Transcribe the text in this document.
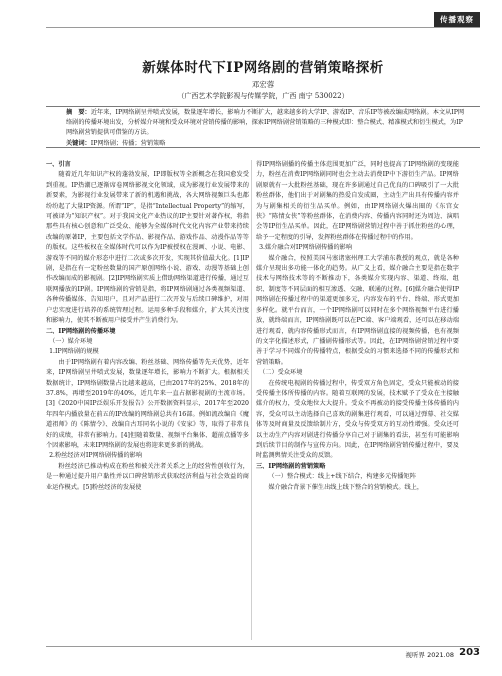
传播观察
新媒体时代下IP网络剧的营销策略探析
邓宏蓉
（广西艺术学院影视与传媒学院，广西 南宁 530022）
摘　要：近年来，IP网络剧呈井喷式发展，数量逐年增长，影响力不断扩大，越来越多的大学IP、游戏IP、音乐IP等被改编成网络剧。本文从IP网络剧的传播环境出发，分析媒介环境和受众环境对营销传播的影响，探索IP网络剧营销策略的三种模式即：整合模式、精准模式和衍生模式，为IP网络剧营销提供可借鉴的方法。
关键词：IP网络剧；传播；营销策略

一、引言

随着近几年知识产权的蓬勃发展，IP即版权等全新概念在我国愈发受到重视。IP热潮已逐渐席卷网络影视文化领域，成为影视行业发展带来的新要素，为影视行业发展带来了新的机遇和挑战，各大网络视频巨头也都纷纷起了大量IP资源。所谓“IP”，是指“Intellectual Property”的缩写，可被译为“知识产权”。对于我国文化产业热议的IP主要针对著作权，将指那些具有核心创意和广泛受众、能够为全媒体时代文化内容产业带来持续改编的原著IP，主要包括文学作品、影视作品、游戏作品、动漫作品等等的版权。这些板权在全媒体时代可以作为IP被授权在漫画、小说、电影、游戏等不同的媒介形态中进行二次或多次开发，实现其价值最大化。[1]IP剧，是指在有一定粉丝数量的国产原创网络小说、游戏、动漫等基础上创作改编而成的影视剧。[2]IP网络剧实质上借助网络渠道进行传播，通过互联网播放的IP剧。IP网络剧的营销是指，将IP网络剧通过各类视频渠道、各种传播媒体、告知用户，且对产品进行二次开发与后续口碑维护，对用户忠实度进行培养的系统管理过程。运用多种手段和媒介，扩大其关注度和影响力，使其不断被用户接受并产生消费行为。

二、IP网络剧的传播环境

（一）媒介环境

1.IP网络剧的规模

由于IP网络剧有着内容改编、粉丝基础、网络传播等先天优势，近年来，IP网络剧呈井喷式发展，数量逐年增长，影响力不断扩大。根据相关数据统计，IP网络剧数量占比越来越高，已由2017年的25%、2018年的37.8%，再增至2019年的40%，近几年来一直占据影视剧的主流市场。[3]《2020中国IP泛娱乐开发报告》公开数据资料显示，2017年至2020年四年内播放量在前五的IP改编的网络剧总共有16部。例如流改编自《魔道祖师》的《陈情令》、改编自古耳同名小说的《安家》等，取得了非常良好的成绩，非常有影响力。[4]但随着数量、视频平台集体、超前点播等多个因素影响，未来IP网络剧的发展也将迎来更多新的挑战。

2.粉丝经济对IP网络剧传播的影响

粉丝经济已推动构成在粉丝和被关注者关系之上的经营性创收行为，是一种通过提升用户黏性并以口碑营销形式获取经济利益与社会效益的商业运作模式。[5]粉丝经济的发展使

得IP网络剧播的传播主体范围更加广泛，同时也提高了IP网络剧的变现能力，粉丝在消费IP网络剧同时也会主动去消费IP中下游衍生产品。IP网络剧原就有一大批粉丝基础，现在许多剧通过自己优良的口碑吸引了一大批粉丝群体，他们出于对剧集的热爱自发成圈，主动生产出具有传播内容并为与剧集相关的衍生品买单。例如，由IP网络剧火爆出圈的《东宫女侠》“陈情女侠”等粉丝群体，在消费内容、传播内容同时还为周边、演唱会等IP衍生品买单。因此，在IP网络剧营销过程中善于抓住粉丝的心理，给予一定程度的引导，发挥粉丝群体在传播过程中的作用。

3.媒介融合对IP网络剧传播的影响

媒介融合，按照美国马塞诸塞州理工大学浦东教授的观点，就是各种媒介呈现出多功能一体化的趋势。从广义上看，媒介融合主要是指在数字技术与网络技术等的不断推动下，各类媒介实现内容、渠道、终端、组织、制度等不同层面的相互渗透、交融、联通的过程。[6]媒介融合使得IP网络剧在传播过程中的渠道更加多元，内容发布的平台、终端、形式更加多样化。就平台而言，一个IP网络剧可以同时在多个网络视频平台进行播放，就终端而言，IP网络剧既可以在PC端、客户端观看，还可以在移动端进行观看，就内容传播形式而言，有IP网络剧直接的视频传播，也有视频的文字化描述形式，广播剧传播形式等。因此，在IP网络剧营销过程中要善于学习不同媒介的传播特点，根据受众的习惯来选择不同的传播形式和营销策略。

（二）受众环境

在传统电视剧的传播过程中，传受双方角色固定，受众只能被动的接受传播主体所传播的内容。随着互联网的发展，技术赋予了受众在主接触媒介的权力，受众地位大大提升。受众不再被动的接受传播主体传播的内容，受众可以主动选择自己喜欢的剧集进行观看，可以通过弹幕、社交媒体等及时商量及反馈给制片方，受众与传受双方的互动性增强。受众还可以主动生产内容对剧进行传播分享自己对于剧集的看法，甚至有可能影响到后续节目的制作与宣传方向。因此，在IP网络剧营销传播过程中，要及时监测舆情关注受众的反馈。

三、IP网络剧的营销策略

（一）整合模式：线上+线下结合，构建多元传播矩阵

媒介融合背景下催生出线上线下整合的营销模式。线上，

视听界 2021.08 203
